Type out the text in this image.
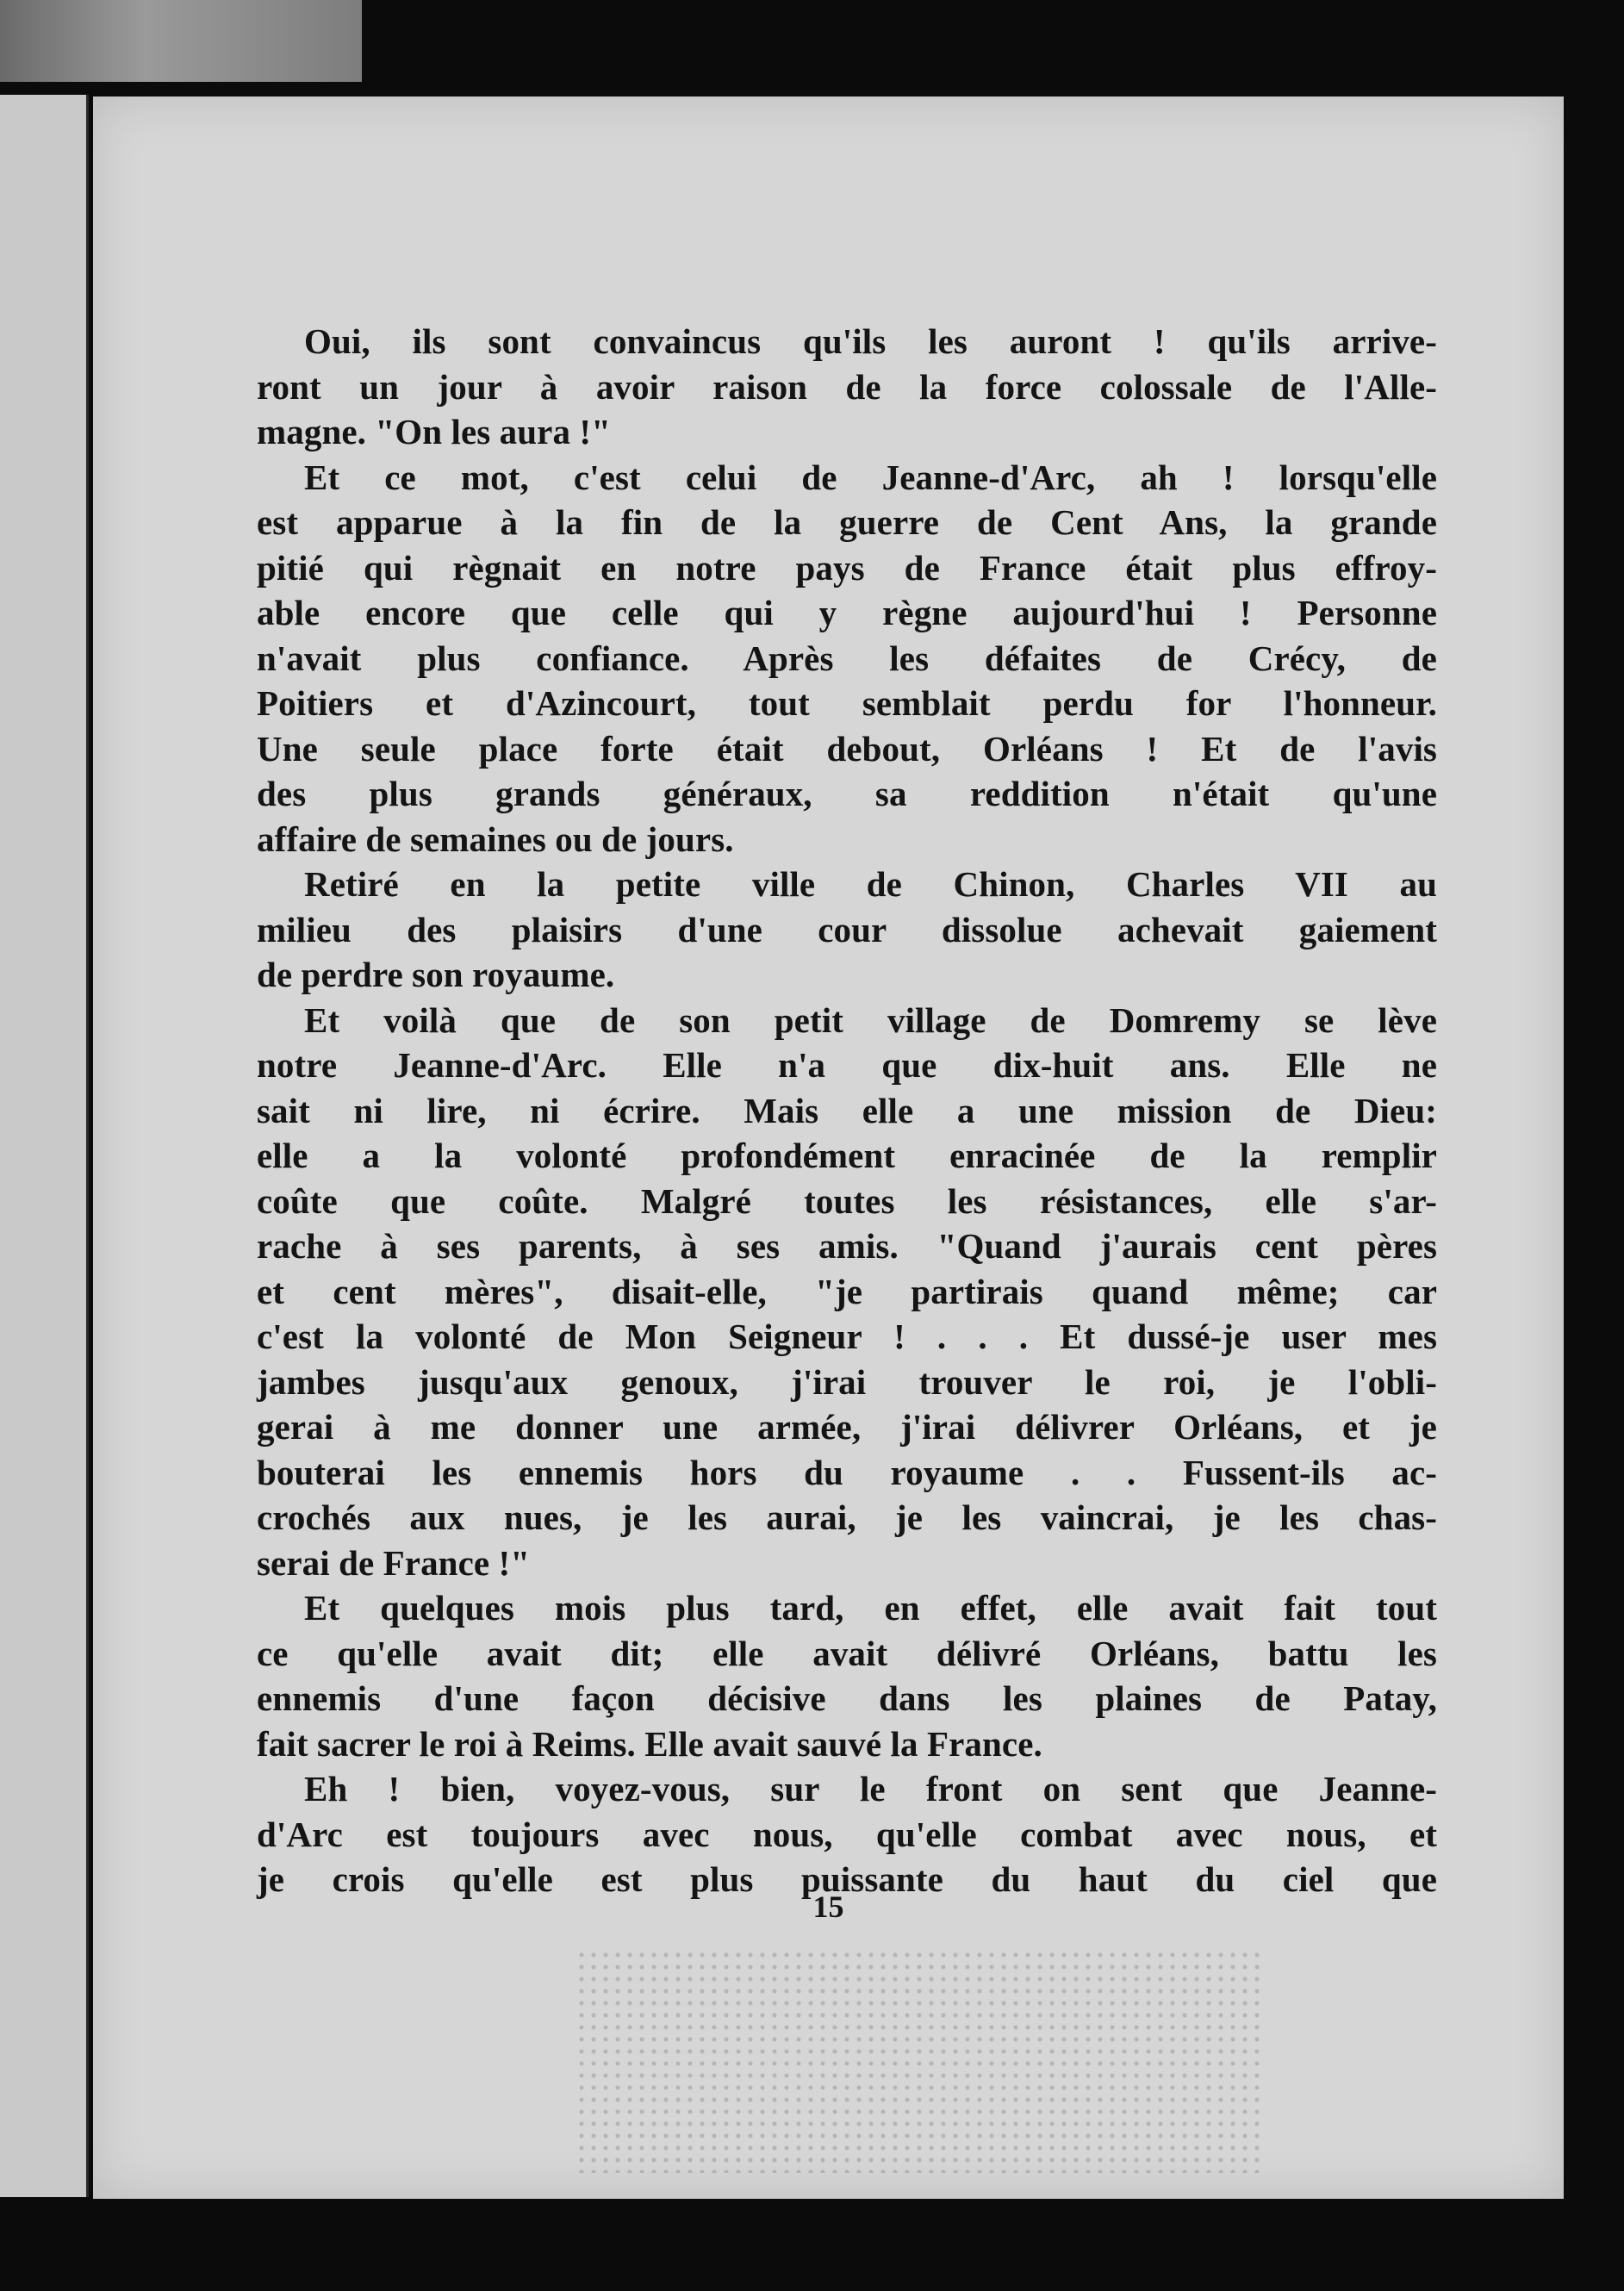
Oui, ils sont convaincus qu'ils les auront ! qu'ils arrive-
ront un jour à avoir raison de la force colossale de l'Alle-
magne. "On les aura !"
Et ce mot, c'est celui de Jeanne-d'Arc, ah ! lorsqu'elle
est apparue à la fin de la guerre de Cent Ans, la grande
pitié qui règnait en notre pays de France était plus effroy-
able encore que celle qui y règne aujourd'hui ! Personne
n'avait plus confiance. Après les défaites de Crécy, de
Poitiers et d'Azincourt, tout semblait perdu for l'honneur.
Une seule place forte était debout, Orléans ! Et de l'avis
des plus grands généraux, sa reddition n'était qu'une
affaire de semaines ou de jours.
Retiré en la petite ville de Chinon, Charles VII au
milieu des plaisirs d'une cour dissolue achevait gaiement
de perdre son royaume.
Et voilà que de son petit village de Domremy se lève
notre Jeanne-d'Arc. Elle n'a que dix-huit ans. Elle ne
sait ni lire, ni écrire. Mais elle a une mission de Dieu:
elle a la volonté profondément enracinée de la remplir
coûte que coûte. Malgré toutes les résistances, elle s'ar-
rache à ses parents, à ses amis. "Quand j'aurais cent pères
et cent mères", disait-elle, "je partirais quand même; car
c'est la volonté de Mon Seigneur ! . . . Et dussé-je user mes
jambes jusqu'aux genoux, j'irai trouver le roi, je l'obli-
gerai à me donner une armée, j'irai délivrer Orléans, et je
bouterai les ennemis hors du royaume . . Fussent-ils ac-
crochés aux nues, je les aurai, je les vaincrai, je les chas-
serai de France !"
Et quelques mois plus tard, en effet, elle avait fait tout
ce qu'elle avait dit; elle avait délivré Orléans, battu les
ennemis d'une façon décisive dans les plaines de Patay,
fait sacrer le roi à Reims. Elle avait sauvé la France.
Eh ! bien, voyez-vous, sur le front on sent que Jeanne-
d'Arc est toujours avec nous, qu'elle combat avec nous, et
je crois qu'elle est plus puissante du haut du ciel que
15
